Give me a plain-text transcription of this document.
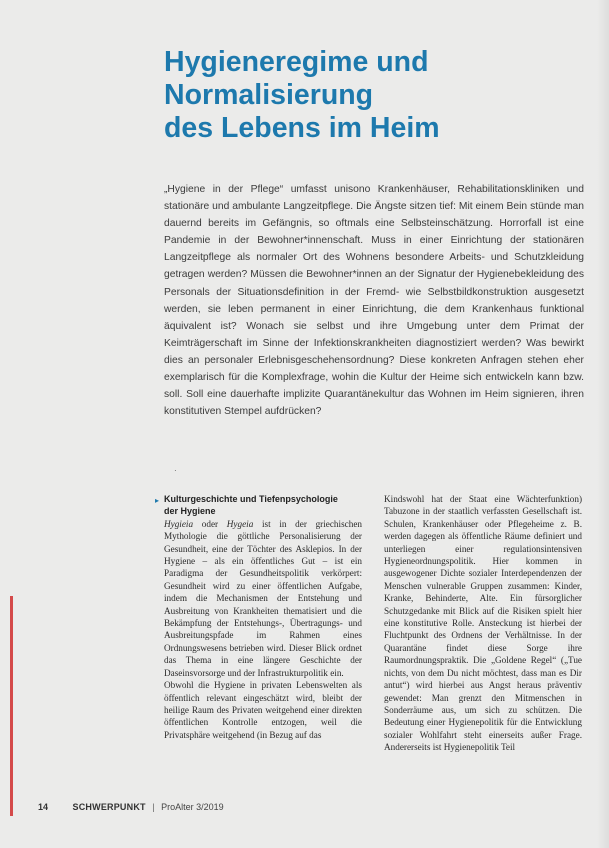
Hygieneregime und
Normalisierung
des Lebens im Heim

„Hygiene in der Pflege“ umfasst unisono Krankenhäuser, Rehabilitationskliniken und stationäre und ambulante Langzeitpflege. Die Ängste sitzen tief: Mit einem Bein stünde man dauernd bereits im Gefängnis, so oftmals eine Selbsteinschätzung. Horrorfall ist eine Pandemie in der Bewohner*innenschaft. Muss in einer Einrichtung der stationären Langzeitpflege als normaler Ort des Wohnens besondere Arbeits- und Schutzkleidung getragen werden? Müssen die Bewohner*innen an der Signatur der Hygienebekleidung des Personals der Situationsdefinition in der Fremd- wie Selbstbildkonstruktion ausgesetzt werden, sie leben permanent in einer Einrichtung, die dem Krankenhaus funktional äquivalent ist? Wonach sie selbst und ihre Umgebung unter dem Primat der Keimträgerschaft im Sinne der Infektionskrankheiten diagnostiziert werden? Was bewirkt dies an personaler Erlebnisgeschehensordnung? Diese konkreten Anfragen stehen eher exemplarisch für die Komplexfrage, wohin die Kultur der Heime sich entwickeln kann bzw. soll. Soll eine dauerhafte implizite Quarantänekultur das Wohnen im Heim signieren, ihren konstitutiven Stempel aufdrücken?

·
▸ Kulturgeschichte und Tiefenpsychologie

der Hygiene

Hygieia oder Hygeia ist in der griechischen Mythologie die göttliche Personalisierung der Gesundheit, eine der Töchter des Asklepios. In der Hygiene – als ein öffentliches Gut – ist ein Paradigma der Gesundheitspolitik verkörpert: Gesundheit wird zu einer öffentlichen Aufgabe, indem die Mechanismen der Entstehung und Ausbreitung von Krankheiten thematisiert und die Bekämpfung der Entstehungs-, Übertragungs- und Ausbreitungspfade im Rahmen eines Ordnungswesens betrieben wird. Dieser Blick ordnet das Thema in eine längere Geschichte der Daseinsvorsorge und der Infrastrukturpolitik ein.

Obwohl die Hygiene in privaten Lebenswelten als öffentlich relevant eingeschätzt wird, bleibt der heilige Raum des Privaten weitgehend einer direkten öffentlichen Kontrolle entzogen, weil die Privatsphäre weitgehend (in Bezug auf das

Kindswohl hat der Staat eine Wächterfunktion) Tabuzone in der staatlich verfassten Gesellschaft ist. Schulen, Krankenhäuser oder Pflegeheime z. B. werden dagegen als öffentliche Räume definiert und unterliegen einer regulationsintensiven Hygieneordnungspolitik. Hier kommen in ausgewogener Dichte sozialer Interdependenzen der Menschen vulnerable Gruppen zusammen: Kinder, Kranke, Behinderte, Alte. Ein fürsorglicher Schutzgedanke mit Blick auf die Risiken spielt hier eine konstitutive Rolle. Ansteckung ist hierbei der Fluchtpunkt des Ordnens der Verhältnisse. In der Quarantäne findet diese Sorge ihre Raumordnungspraktik. Die „Goldene Regel“ („Tue nichts, von dem Du nicht möchtest, dass man es Dir antut“) wird hierbei aus Angst heraus präventiv gewendet: Man grenzt den Mitmenschen in Sonderräume aus, um sich zu schützen. Die Bedeutung einer Hygienepolitik für die Entwicklung sozialer Wohlfahrt steht einerseits außer Frage. Andererseits ist Hygienepolitik Teil

14	SCHWERPUNKT | ProAlter 3/2019
